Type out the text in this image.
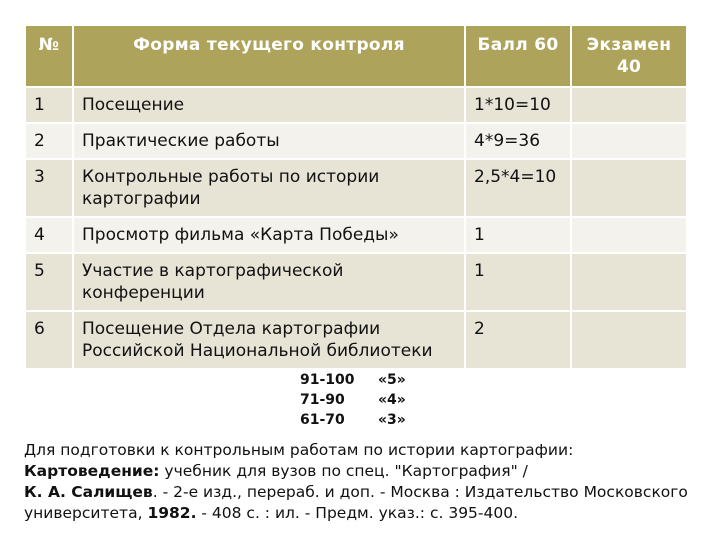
№	Форма текущего контроля	Балл 60	Экзамен 40
1	Посещение	1*10=10	
2	Практические работы	4*9=36	
3	Контрольные работы по истории картографии	2,5*4=10	
4	Просмотр фильма «Карта Победы»	1	
5	Участие в картографической конференции	1	
6	Посещение Отдела картографии Российской Национальной библиотеки	2	
91-100	«5»
71-90	«4»
61-70	«3»
Для подготовки к контрольным работам по истории картографии:
Картоведение: учебник для вузов по спец. "Картография" /
К. А. Салищев. - 2-е изд., перераб. и доп. - Москва : Издательство Московского университета, 1982. - 408 с. : ил. - Предм. указ.: с. 395-400.
